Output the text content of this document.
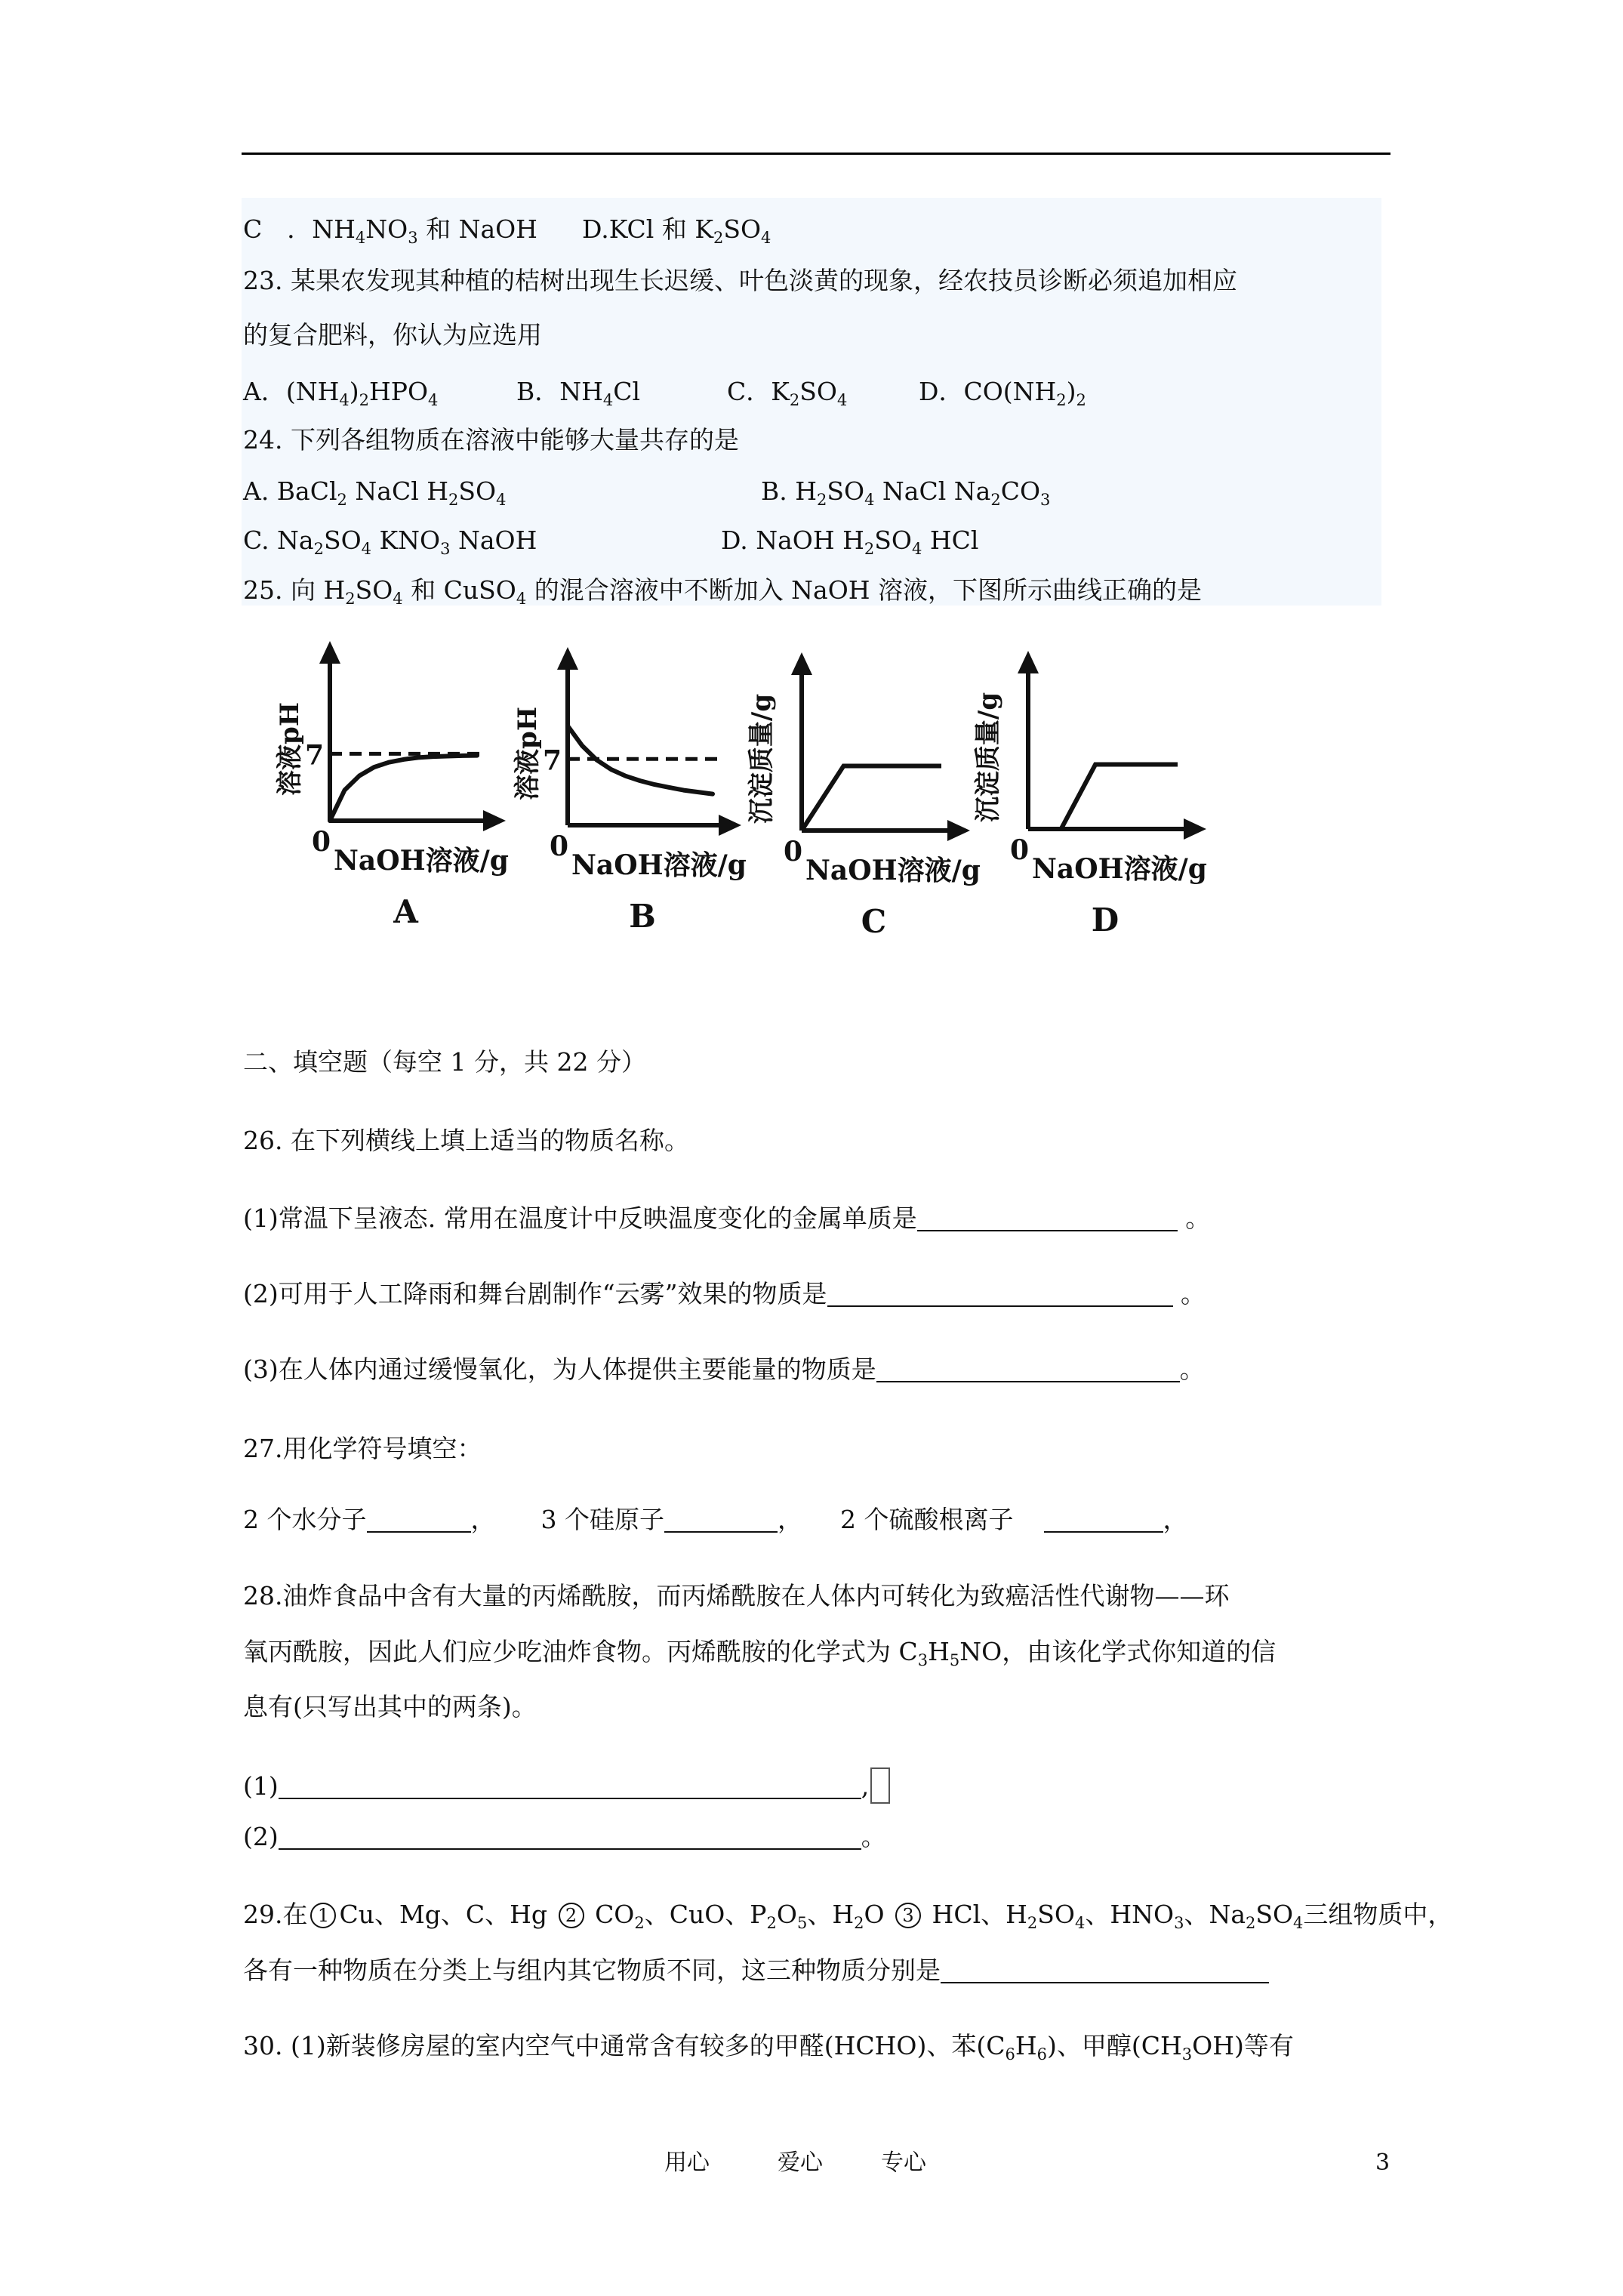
C　．$NH_4NO_3$ 和 NaOH D.KCl 和 $K_2SO_4$
23. 某果农发现其种植的桔树出现生长迟缓、叶色淡黄的现象，经农技员诊断必须追加相应
的复合肥料，你认为应选用
A．$(NH_4)_2HPO_4$	B．$NH_4Cl$	C．$K_2SO_4$	D．$CO(NH_2)_2$
24. 下列各组物质在溶液中能够大量共存的是
A. BaCl$_2$ NaCl $H_2SO_4$	B. $H_2SO_4$ NaCl $Na_2CO_3$
C. $Na_2SO_4$ $KNO_3$ NaOH	D. NaOH $H_2SO_4$ HCl
25. 向 $H_2SO_4$ 和 CuSO$_4$ 的混合溶液中不断加入 NaOH 溶液，下图所示曲线正确的是
7
溶液pH
0
NaOH溶液/g
A
7
溶液pH
0
NaOH溶液/g
B
沉淀质量/g
0
NaOH溶液/g
C
沉淀质量/g
0
NaOH溶液/g
D
二、填空题（每空 1 分，共 22 分）
26. 在下列横线上填上适当的物质名称。
(1)常温下呈液态. 常用在温度计中反映温度变化的金属单质是	。
(2)可用于人工降雨和舞台剧制作“云雾”效果的物质是	。
(3)在人体内通过缓慢氧化，为人体提供主要能量的物质是	。
27.用化学符号填空：
2 个水分子	， 3 个硅原子	， 2 个硫酸根离子	，
28.油炸食品中含有大量的丙烯酰胺，而丙烯酰胺在人体内可转化为致癌活性代谢物——环
氧丙酰胺，因此人们应少吃油炸食物。丙烯酰胺的化学式为 $C_3H_5NO$，由该化学式你知道的信
息有(只写出其中的两条)。
(1)	,
(2)	。
29.在 1 Cu、Mg、C、Hg 2 $CO_2$、CuO、$P_2O_5$、$H_2O$ 3 HCl、$H_2SO_4$、$HNO_3$、$Na_2SO_4$三组物质中，
各有一种物质在分类上与组内其它物质不同，这三种物质分别是
30. (1)新装修房屋的室内空气中通常含有较多的甲醛(HCHO)、苯$(C_6H_6)$、甲醇$(CH_3OH)$等有
用心	爱心	专心	3
